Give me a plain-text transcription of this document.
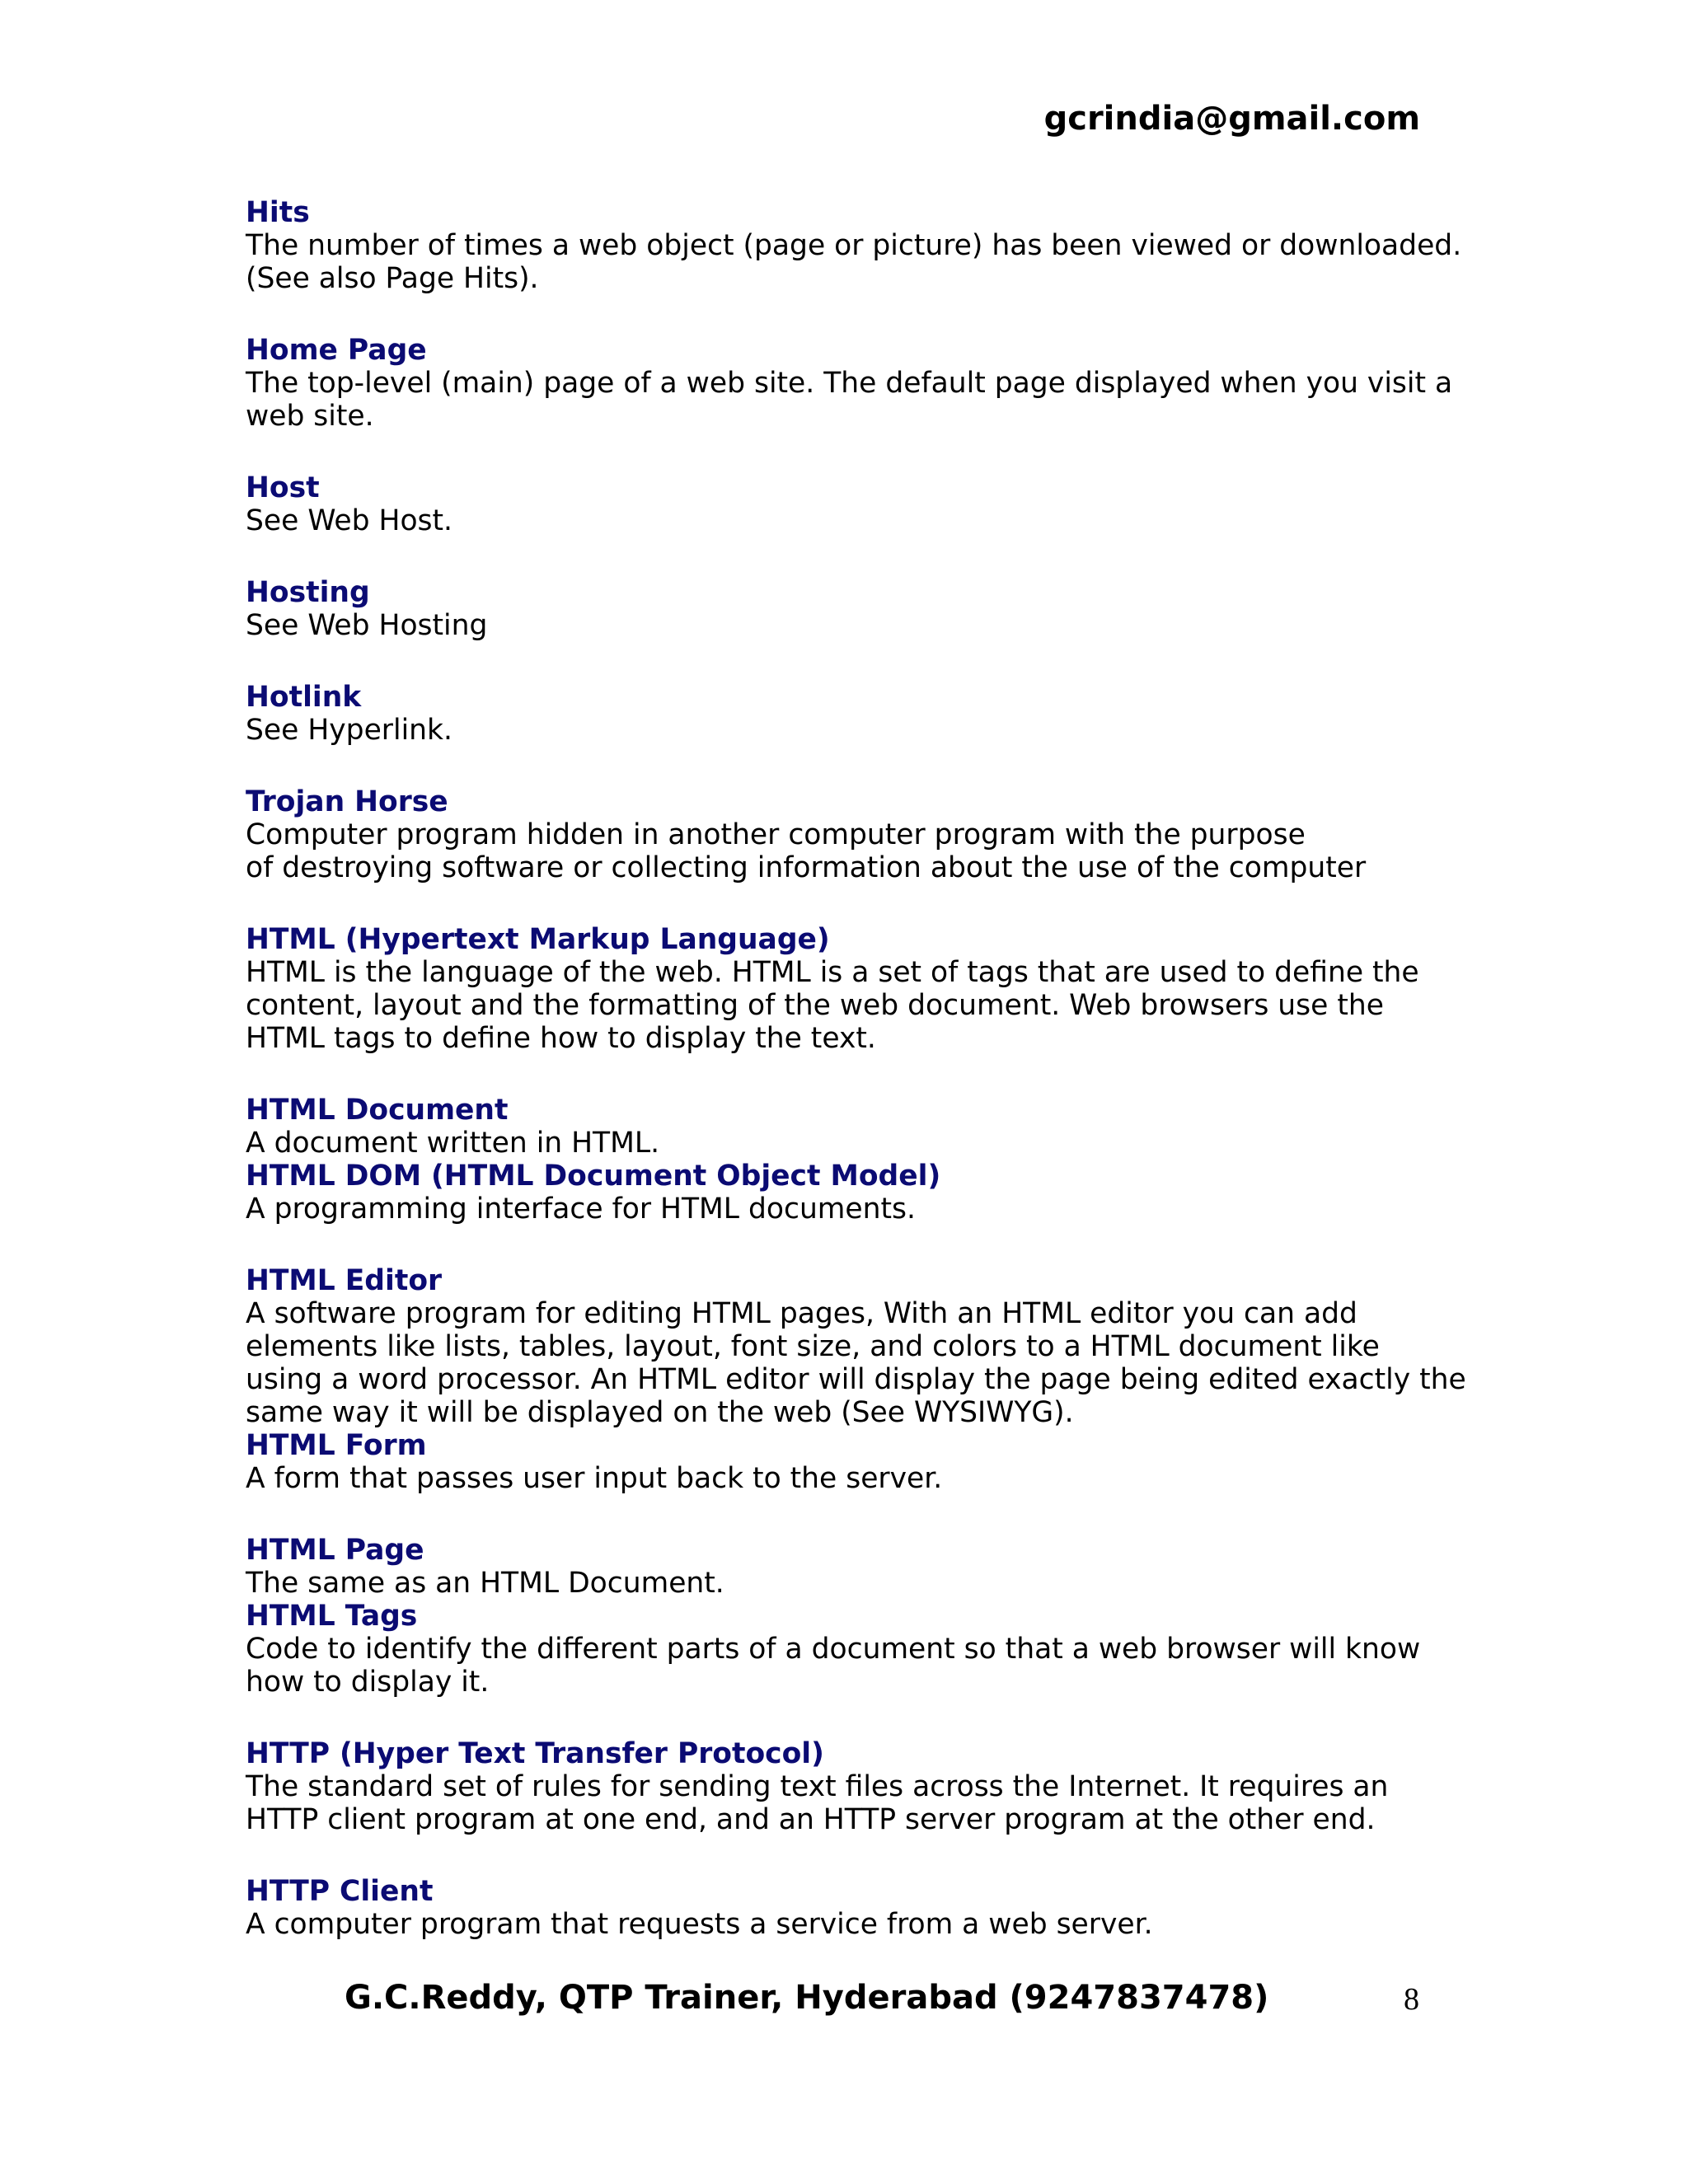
gcrindia@gmail.com
Hits
The number of times a web object (page or picture) has been viewed or downloaded.
(See also Page Hits).
Home Page
The top-level (main) page of a web site. The default page displayed when you visit a
web site.
Host
See Web Host.
Hosting
See Web Hosting
Hotlink
See Hyperlink.
Trojan Horse
Computer program hidden in another computer program with the purpose
of destroying software or collecting information about the use of the computer
HTML (Hypertext Markup Language)
HTML is the language of the web. HTML is a set of tags that are used to define the
content, layout and the formatting of the web document. Web browsers use the
HTML tags to define how to display the text.
HTML Document
A document written in HTML.
HTML DOM (HTML Document Object Model)
A programming interface for HTML documents.
HTML Editor
A software program for editing HTML pages, With an HTML editor you can add
elements like lists, tables, layout, font size, and colors to a HTML document like
using a word processor. An HTML editor will display the page being edited exactly the
same way it will be displayed on the web (See WYSIWYG).
HTML Form
A form that passes user input back to the server.
HTML Page
The same as an HTML Document.
HTML Tags
Code to identify the different parts of a document so that a web browser will know
how to display it.
HTTP (Hyper Text Transfer Protocol)
The standard set of rules for sending text files across the Internet. It requires an
HTTP client program at one end, and an HTTP server program at the other end.
HTTP Client
A computer program that requests a service from a web server.
G.C.Reddy, QTP Trainer, Hyderabad (9247837478)	8
